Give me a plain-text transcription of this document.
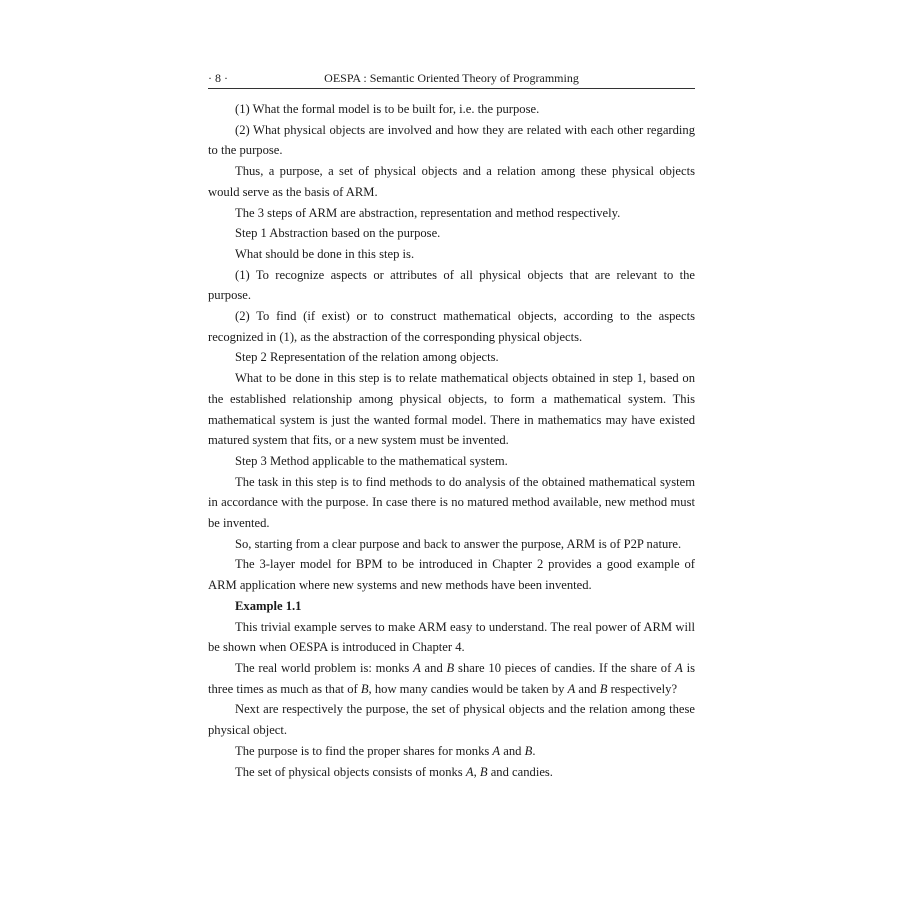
· 8 ·	OESPA : Semantic Oriented Theory of Programming

(1) What the formal model is to be built for, i.e. the purpose.

(2) What physical objects are involved and how they are related with each other regarding to the purpose.

Thus, a purpose, a set of physical objects and a relation among these physical objects would serve as the basis of ARM.

The 3 steps of ARM are abstraction, representation and method respectively.

Step 1 Abstraction based on the purpose.

What should be done in this step is.

(1) To recognize aspects or attributes of all physical objects that are relevant to the purpose.

(2) To find (if exist) or to construct mathematical objects, according to the aspects recognized in (1), as the abstraction of the corresponding physical objects.

Step 2 Representation of the relation among objects.

What to be done in this step is to relate mathematical objects obtained in step 1, based on the established relationship among physical objects, to form a mathematical system. This mathematical system is just the wanted formal model. There in mathematics may have existed matured system that fits, or a new system must be invented.

Step 3 Method applicable to the mathematical system.

The task in this step is to find methods to do analysis of the obtained mathematical system in accordance with the purpose. In case there is no matured method available, new method must be invented.

So, starting from a clear purpose and back to answer the purpose, ARM is of P2P nature.

The 3-layer model for BPM to be introduced in Chapter 2 provides a good example of ARM application where new systems and new methods have been invented.

Example 1.1

This trivial example serves to make ARM easy to understand. The real power of ARM will be shown when OESPA is introduced in Chapter 4.

The real world problem is: monks A and B share 10 pieces of candies. If the share of A is three times as much as that of B, how many candies would be taken by A and B respectively?

Next are respectively the purpose, the set of physical objects and the relation among these physical object.

The purpose is to find the proper shares for monks A and B.

The set of physical objects consists of monks A, B and candies.
